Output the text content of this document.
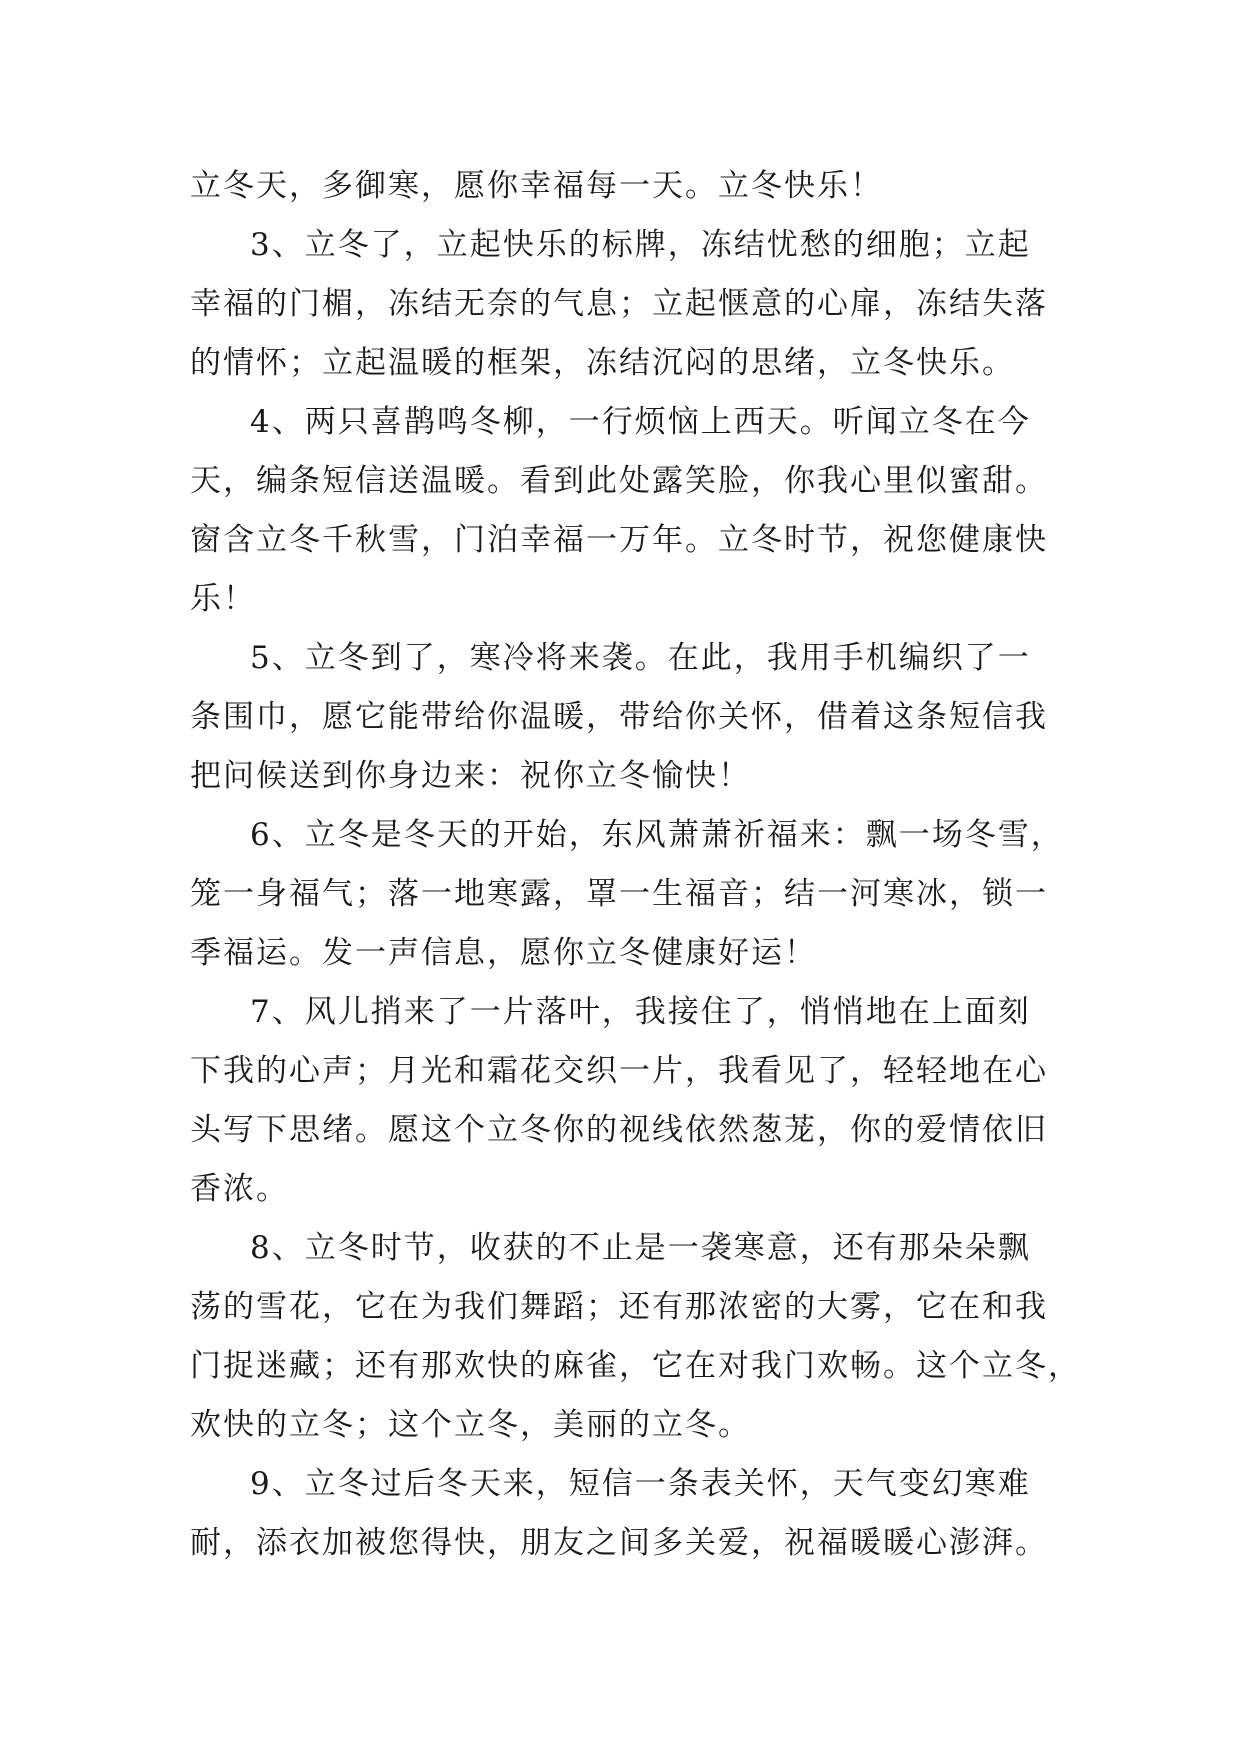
立冬天，多御寒，愿你幸福每一天。立冬快乐！
3、立冬了，立起快乐的标牌，冻结忧愁的细胞；立起
幸福的门楣，冻结无奈的气息；立起惬意的心扉，冻结失落
的情怀；立起温暖的框架，冻结沉闷的思绪，立冬快乐。
4、两只喜鹊鸣冬柳，一行烦恼上西天。听闻立冬在今
天，编条短信送温暖。看到此处露笑脸，你我心里似蜜甜。
窗含立冬千秋雪，门泊幸福一万年。立冬时节，祝您健康快
乐！
5、立冬到了，寒冷将来袭。在此，我用手机编织了一
条围巾，愿它能带给你温暖，带给你关怀，借着这条短信我
把问候送到你身边来：祝你立冬愉快！
6、立冬是冬天的开始，东风萧萧祈福来：飘一场冬雪，
笼一身福气；落一地寒露，罩一生福音；结一河寒冰，锁一
季福运。发一声信息，愿你立冬健康好运！
7、风儿捎来了一片落叶，我接住了，悄悄地在上面刻
下我的心声；月光和霜花交织一片，我看见了，轻轻地在心
头写下思绪。愿这个立冬你的视线依然葱茏，你的爱情依旧
香浓。
8、立冬时节，收获的不止是一袭寒意，还有那朵朵飘
荡的雪花，它在为我们舞蹈；还有那浓密的大雾，它在和我
门捉迷藏；还有那欢快的麻雀，它在对我门欢畅。这个立冬，
欢快的立冬；这个立冬，美丽的立冬。
9、立冬过后冬天来，短信一条表关怀，天气变幻寒难
耐，添衣加被您得快，朋友之间多关爱，祝福暖暖心澎湃。
